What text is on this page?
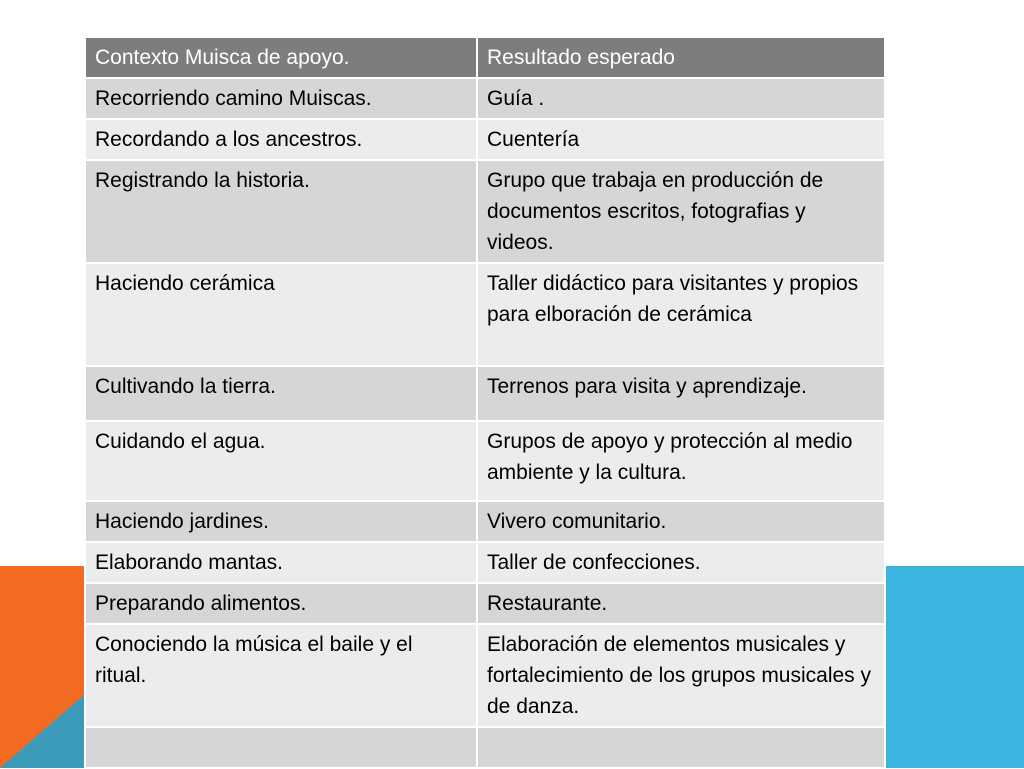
Contexto Muisca de apoyo.	Resultado esperado
Recorriendo camino Muiscas.	Guía .
Recordando a los ancestros.	Cuentería
Registrando la historia.	Grupo que trabaja en producción de documentos escritos, fotografias y videos.
Haciendo cerámica	Taller didáctico para visitantes y propios para elboración de cerámica
Cultivando la tierra.	Terrenos para visita y aprendizaje.
Cuidando el agua.	Grupos de apoyo y protección al medio ambiente y la cultura.
Haciendo jardines.	Vivero comunitario.
Elaborando mantas.	Taller de confecciones.
Preparando alimentos.	Restaurante.
Conociendo la música el baile y el ritual.	Elaboración de elementos musicales y fortalecimiento de los grupos musicales y de danza.
